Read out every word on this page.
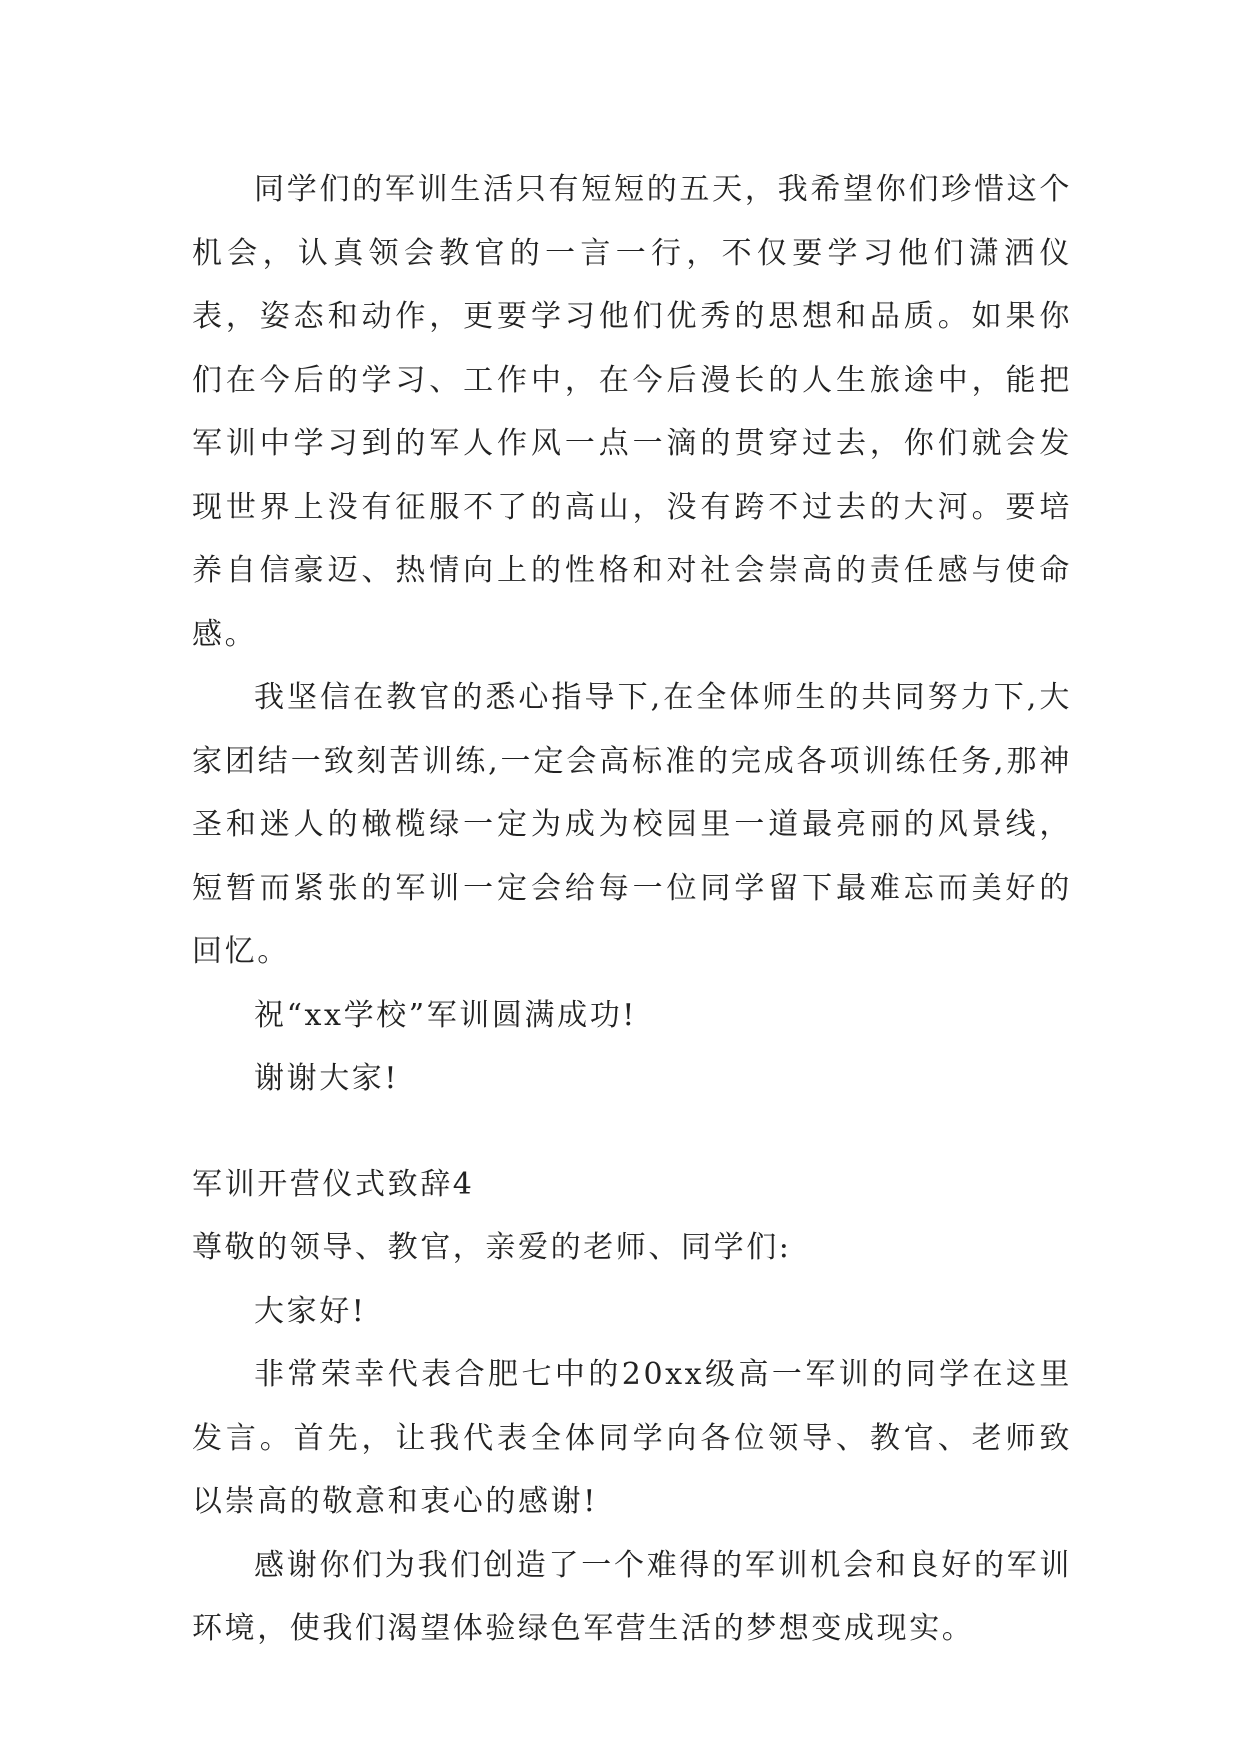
同学们的军训生活只有短短的五天，我希望你们珍惜这个机会，认真领会教官的一言一行，不仅要学习他们潇洒仪表，姿态和动作，更要学习他们优秀的思想和品质。如果你们在今后的学习、工作中，在今后漫长的人生旅途中，能把军训中学习到的军人作风一点一滴的贯穿过去，你们就会发现世界上没有征服不了的高山，没有跨不过去的大河。要培养自信豪迈、热情向上的性格和对社会崇高的责任感与使命感。

我坚信在教官的悉心指导下,在全体师生的共同努力下,大家团结一致刻苦训练,一定会高标准的完成各项训练任务,那神圣和迷人的橄榄绿一定为成为校园里一道最亮丽的风景线，短暂而紧张的军训一定会给每一位同学留下最难忘而美好的回忆。

祝“xx学校”军训圆满成功!

谢谢大家!

军训开营仪式致辞4

尊敬的领导、教官，亲爱的老师、同学们:

大家好!

非常荣幸代表合肥七中的20xx级高一军训的同学在这里发言。首先，让我代表全体同学向各位领导、教官、老师致以崇高的敬意和衷心的感谢!

感谢你们为我们创造了一个难得的军训机会和良好的军训环境，使我们渴望体验绿色军营生活的梦想变成现实。
